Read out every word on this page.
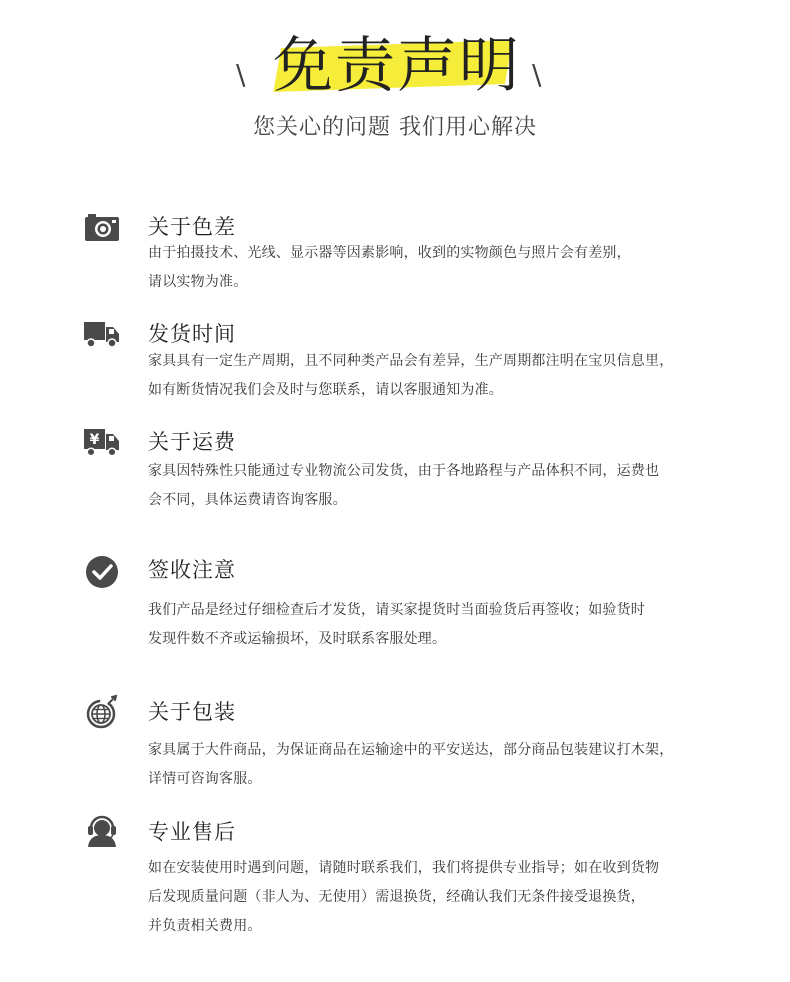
\ 免责声明 \
您关心的问题 我们用心解决
关于色差
由于拍摄技术、光线、显示器等因素影响，收到的实物颜色与照片会有差别，
请以实物为准。
发货时间
家具具有一定生产周期，且不同种类产品会有差异，生产周期都注明在宝贝信息里，
如有断货情况我们会及时与您联系，请以客服通知为准。
¥ 关于运费
家具因特殊性只能通过专业物流公司发货，由于各地路程与产品体积不同，运费也
会不同，具体运费请咨询客服。
签收注意
我们产品是经过仔细检查后才发货，请买家提货时当面验货后再签收；如验货时
发现件数不齐或运输损坏，及时联系客服处理。
关于包装
家具属于大件商品，为保证商品在运输途中的平安送达，部分商品包装建议打木架，
详情可咨询客服。
专业售后
如在安装使用时遇到问题，请随时联系我们，我们将提供专业指导；如在收到货物
后发现质量问题（非人为、无使用）需退换货，经确认我们无条件接受退换货，
并负责相关费用。
